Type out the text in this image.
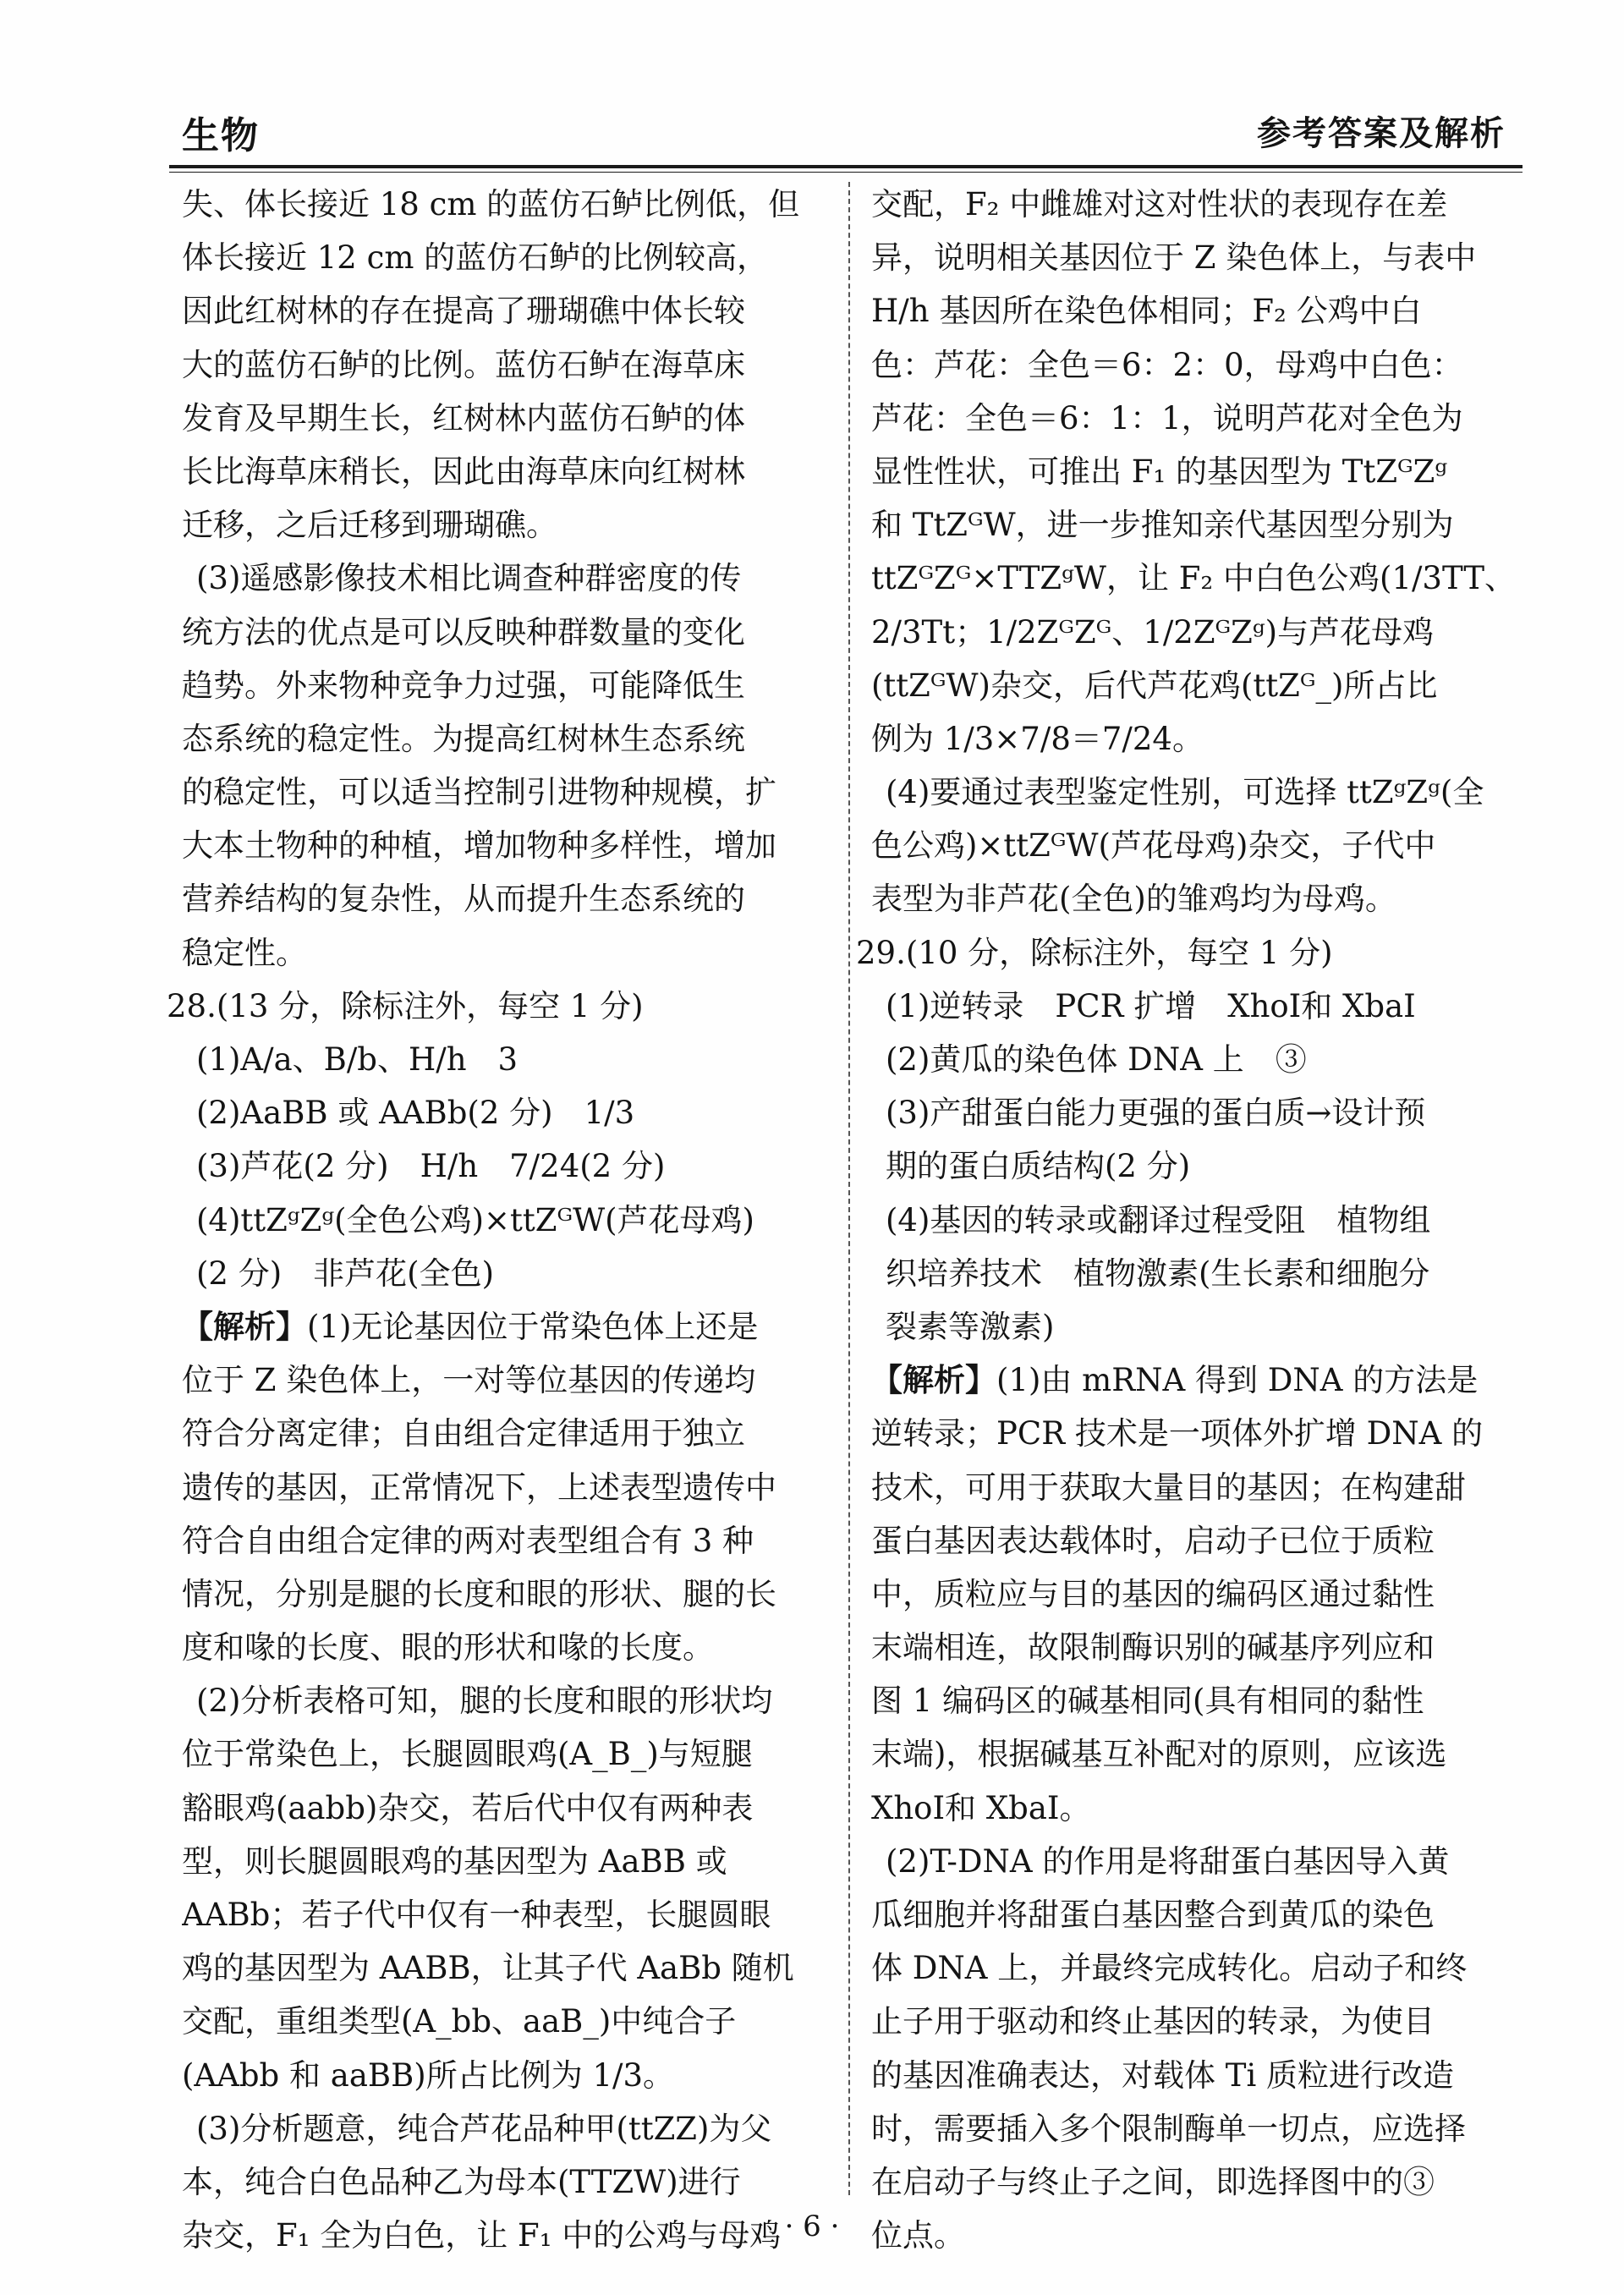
生物	参考答案及解析
失、体长接近 18 cm 的蓝仿石鲈比例低，但
体长接近 12 cm 的蓝仿石鲈的比例较高，
因此红树林的存在提高了珊瑚礁中体长较
大的蓝仿石鲈的比例。蓝仿石鲈在海草床
发育及早期生长，红树林内蓝仿石鲈的体
长比海草床稍长，因此由海草床向红树林
迁移，之后迁移到珊瑚礁。
(3)遥感影像技术相比调查种群密度的传
统方法的优点是可以反映种群数量的变化
趋势。外来物种竞争力过强，可能降低生
态系统的稳定性。为提高红树林生态系统
的稳定性，可以适当控制引进物种规模，扩
大本土物种的种植，增加物种多样性，增加
营养结构的复杂性，从而提升生态系统的
稳定性。
28.(13 分，除标注外，每空 1 分)
(1)A/a、B/b、H/h　3
(2)AaBB 或 AABb(2 分)　1/3
(3)芦花(2 分)　H/h　7/24(2 分)
(4)ttZᵍZᵍ(全色公鸡)×ttZᴳW(芦花母鸡)
(2 分)　非芦花(全色)
【解析】(1)无论基因位于常染色体上还是
位于 Z 染色体上，一对等位基因的传递均
符合分离定律；自由组合定律适用于独立
遗传的基因，正常情况下，上述表型遗传中
符合自由组合定律的两对表型组合有 3 种
情况，分别是腿的长度和眼的形状、腿的长
度和喙的长度、眼的形状和喙的长度。
(2)分析表格可知，腿的长度和眼的形状均
位于常染色上，长腿圆眼鸡(A_B_)与短腿
豁眼鸡(aabb)杂交，若后代中仅有两种表
型，则长腿圆眼鸡的基因型为 AaBB 或
AABb；若子代中仅有一种表型，长腿圆眼
鸡的基因型为 AABB，让其子代 AaBb 随机
交配，重组类型(A_bb、aaB_)中纯合子
(AAbb 和 aaBB)所占比例为 1/3。
(3)分析题意，纯合芦花品种甲(ttZZ)为父
本，纯合白色品种乙为母本(TTZW)进行
杂交，F₁ 全为白色，让 F₁ 中的公鸡与母鸡
交配，F₂ 中雌雄对这对性状的表现存在差
异，说明相关基因位于 Z 染色体上，与表中
H/h 基因所在染色体相同；F₂ 公鸡中白
色：芦花：全色＝6：2：0，母鸡中白色：
芦花：全色＝6：1：1，说明芦花对全色为
显性性状，可推出 F₁ 的基因型为 TtZᴳZᵍ
和 TtZᴳW，进一步推知亲代基因型分别为
ttZᴳZᴳ×TTZᵍW，让 F₂ 中白色公鸡(1/3TT、
2/3Tt；1/2ZᴳZᴳ、1/2ZᴳZᵍ)与芦花母鸡
(ttZᴳW)杂交，后代芦花鸡(ttZᴳ_)所占比
例为 1/3×7/8＝7/24。
(4)要通过表型鉴定性别，可选择 ttZᵍZᵍ(全
色公鸡)×ttZᴳW(芦花母鸡)杂交，子代中
表型为非芦花(全色)的雏鸡均为母鸡。
29.(10 分，除标注外，每空 1 分)
(1)逆转录　PCR 扩增　XhoⅠ和 XbaⅠ
(2)黄瓜的染色体 DNA 上　③
(3)产甜蛋白能力更强的蛋白质→设计预
期的蛋白质结构(2 分)
(4)基因的转录或翻译过程受阻　植物组
织培养技术　植物激素(生长素和细胞分
裂素等激素)
【解析】(1)由 mRNA 得到 DNA 的方法是
逆转录；PCR 技术是一项体外扩增 DNA 的
技术，可用于获取大量目的基因；在构建甜
蛋白基因表达载体时，启动子已位于质粒
中，质粒应与目的基因的编码区通过黏性
末端相连，故限制酶识别的碱基序列应和
图 1 编码区的碱基相同(具有相同的黏性
末端)，根据碱基互补配对的原则，应该选
XhoⅠ和 XbaⅠ。
(2)T-DNA 的作用是将甜蛋白基因导入黄
瓜细胞并将甜蛋白基因整合到黄瓜的染色
体 DNA 上，并最终完成转化。启动子和终
止子用于驱动和终止基因的转录，为使目
的基因准确表达，对载体 Ti 质粒进行改造
时，需要插入多个限制酶单一切点，应选择
在启动子与终止子之间，即选择图中的③
位点。
· 6 ·
